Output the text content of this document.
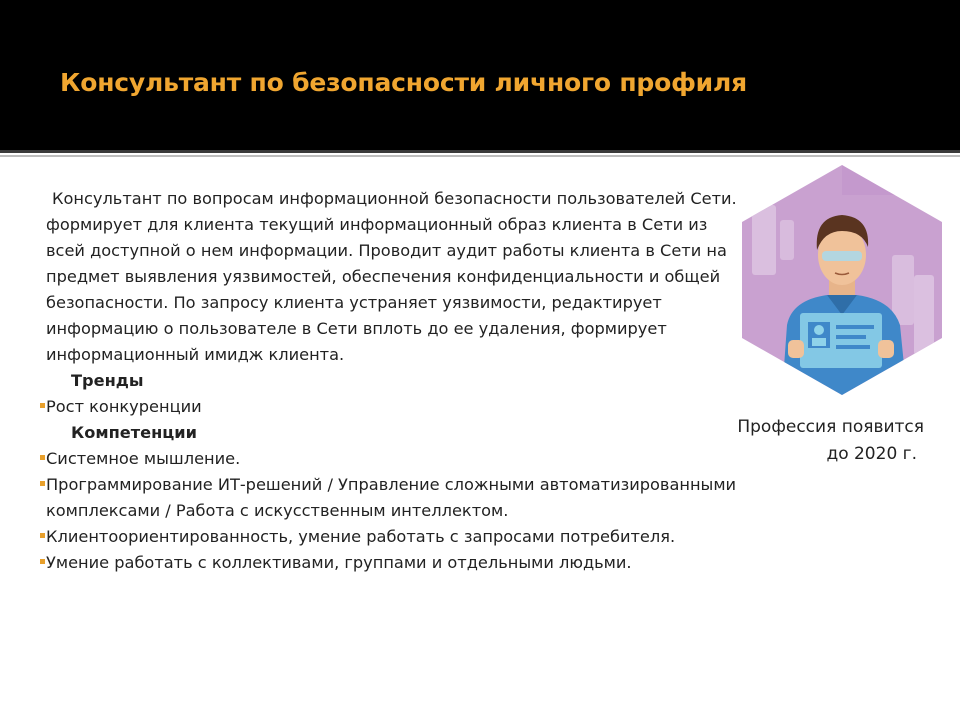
Консультант по безопасности личного профиля

Консультант по вопросам информационной безопасности пользователей Сети. формирует для клиента текущий информационный образ клиента в Сети из всей доступной о нем информации. Проводит аудит работы клиента в Сети на предмет выявления уязвимостей, обеспечения конфиденциальности и общей безопасности. По запросу клиента устраняет уязвимости, редактирует информацию о пользователе в Сети вплоть до ее удаления, формирует информационный имидж клиента.

Тренды

Рост конкуренции

Компетенции

Системное мышление.

Программирование ИТ-решений / Управление сложными автоматизированными комплексами / Работа с искусственным интеллектом.

Клиентоориентированность, умение работать с запросами потребителя.

Умение работать с коллективами, группами и отдельными людьми.

Профессия появится
до 2020 г.
